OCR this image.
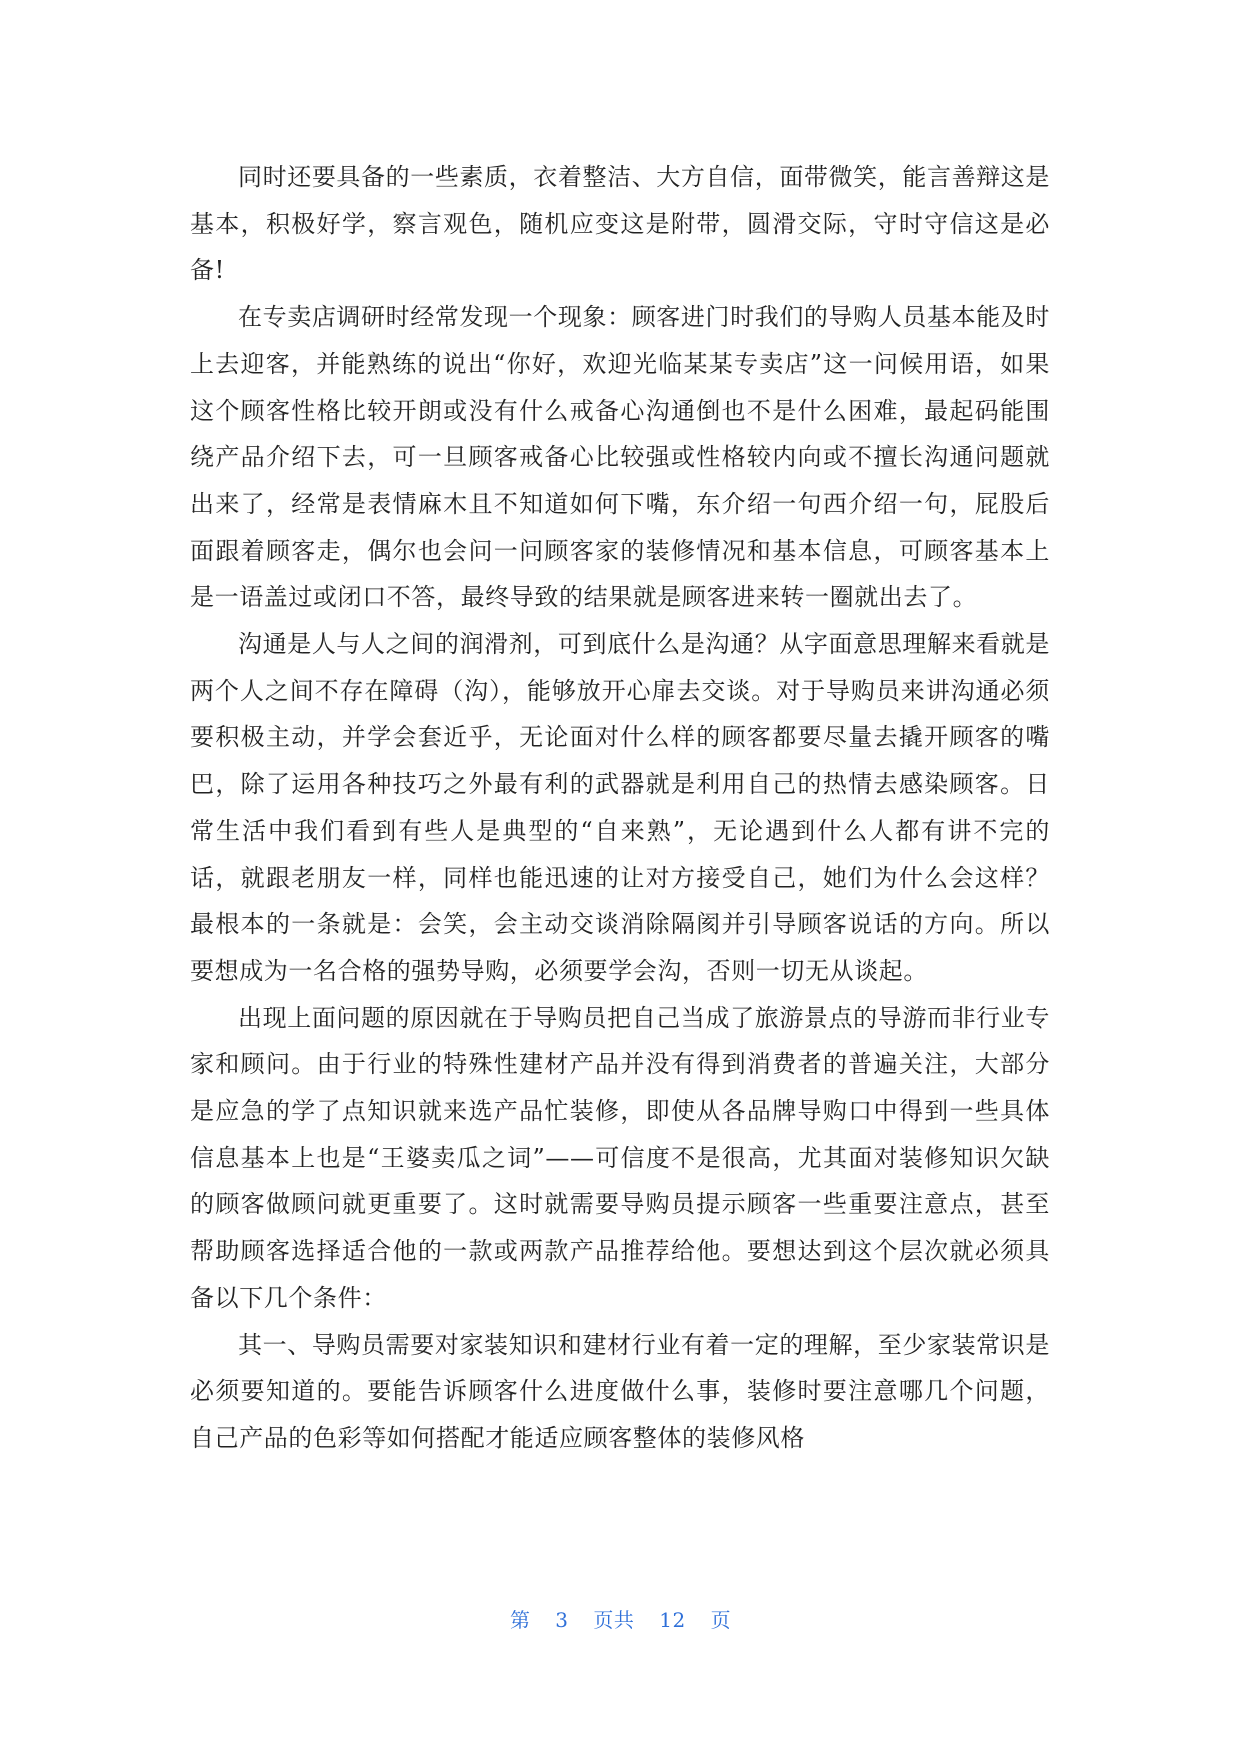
同时还要具备的一些素质，衣着整洁、大方自信，面带微笑，能言善辩这是基本，积极好学，察言观色，随机应变这是附带，圆滑交际，守时守信这是必备!

在专卖店调研时经常发现一个现象：顾客进门时我们的导购人员基本能及时上去迎客，并能熟练的说出“你好，欢迎光临某某专卖店”这一问候用语，如果这个顾客性格比较开朗或没有什么戒备心沟通倒也不是什么困难，最起码能围绕产品介绍下去，可一旦顾客戒备心比较强或性格较内向或不擅长沟通问题就出来了，经常是表情麻木且不知道如何下嘴，东介绍一句西介绍一句，屁股后面跟着顾客走，偶尔也会问一问顾客家的装修情况和基本信息，可顾客基本上是一语盖过或闭口不答，最终导致的结果就是顾客进来转一圈就出去了。

沟通是人与人之间的润滑剂，可到底什么是沟通？从字面意思理解来看就是两个人之间不存在障碍（沟），能够放开心扉去交谈。对于导购员来讲沟通必须要积极主动，并学会套近乎，无论面对什么样的顾客都要尽量去撬开顾客的嘴巴，除了运用各种技巧之外最有利的武器就是利用自己的热情去感染顾客。日常生活中我们看到有些人是典型的“自来熟”，无论遇到什么人都有讲不完的话，就跟老朋友一样，同样也能迅速的让对方接受自己，她们为什么会这样？最根本的一条就是：会笑，会主动交谈消除隔阂并引导顾客说话的方向。所以要想成为一名合格的强势导购，必须要学会沟，否则一切无从谈起。

出现上面问题的原因就在于导购员把自己当成了旅游景点的导游而非行业专家和顾问。由于行业的特殊性建材产品并没有得到消费者的普遍关注，大部分是应急的学了点知识就来选产品忙装修，即使从各品牌导购口中得到一些具体信息基本上也是“王婆卖瓜之词”——可信度不是很高，尤其面对装修知识欠缺的顾客做顾问就更重要了。这时就需要导购员提示顾客一些重要注意点，甚至帮助顾客选择适合他的一款或两款产品推荐给他。要想达到这个层次就必须具备以下几个条件：

其一、导购员需要对家装知识和建材行业有着一定的理解，至少家装常识是必须要知道的。要能告诉顾客什么进度做什么事，装修时要注意哪几个问题，自己产品的色彩等如何搭配才能适应顾客整体的装修风格

第 3 页共 12 页
